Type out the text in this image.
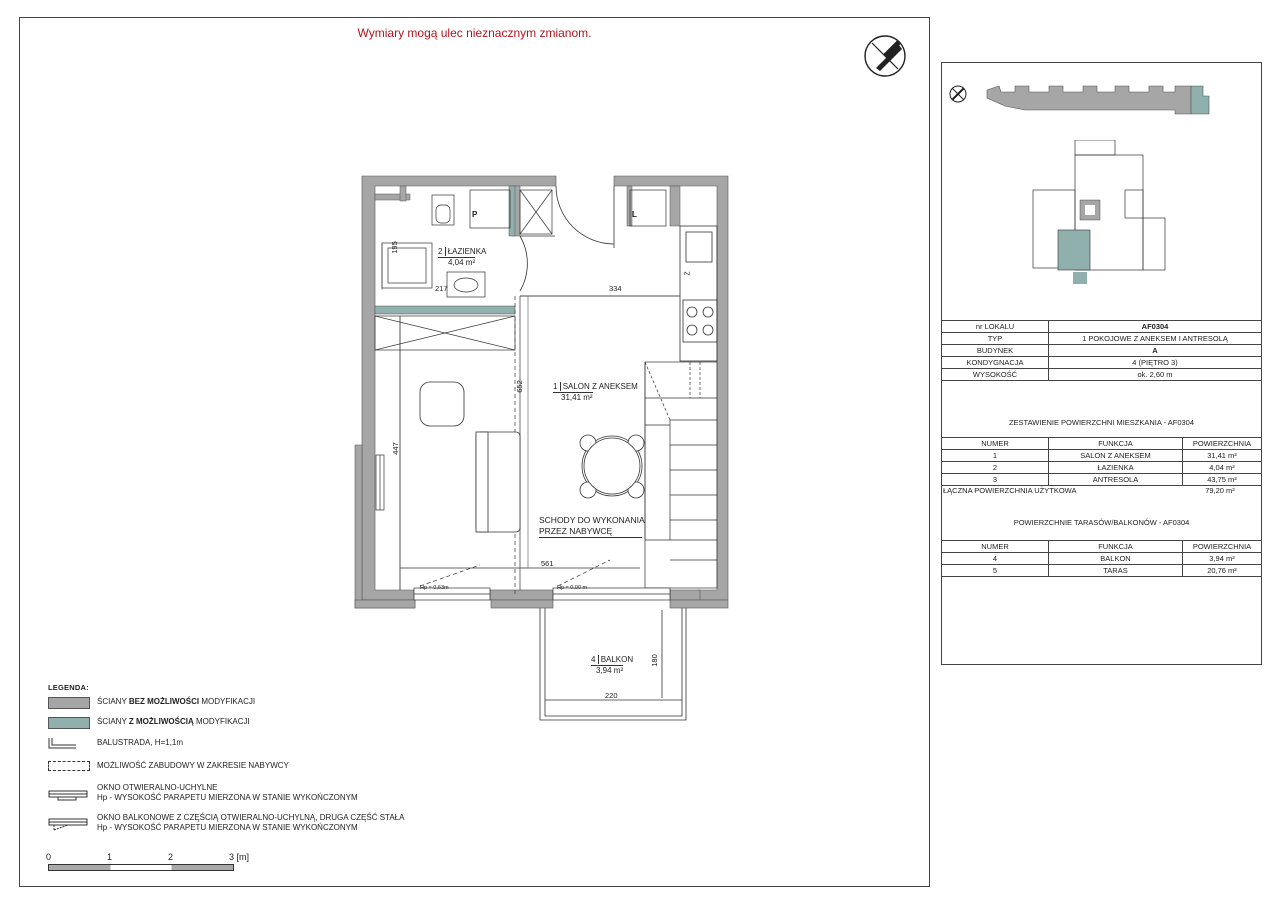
Wymiary mogą ulec nieznacznym zmianom.
2 ŁAZIENKA
4,04 m²
1 SALON Z ANEKSEM
31,41 m²
4 BALKON
3,94 m²
SCHODY DO WYKONANIA
PRZEZ NABYWCĘ
334
652
447
561
217
195
180
220
Hp = 0,63m	Hp = 0,00 m
P	L
Z
LEGENDA:
ŚCIANY BEZ MOŻLIWOŚCI MODYFIKACJI
ŚCIANY Z MOŻLIWOŚCIĄ MODYFIKACJI
BALUSTRADA, H=1,1m
MOŻLIWOŚĆ ZABUDOWY W ZAKRESIE NABYWCY
OKNO OTWIERALNO-UCHYLNE
Hp - WYSOKOŚĆ PARAPETU MIERZONA W STANIE WYKOŃCZONYM
OKNO BALKONOWE Z CZĘŚCIĄ OTWIERALNO-UCHYLNĄ, DRUGA CZĘŚĆ STAŁA
Hp - WYSOKOŚĆ PARAPETU MIERZONA W STANIE WYKOŃCZONYM
0	1	2	3 [m]
nr LOKALU	AF0304
TYP	1 POKOJOWE Z ANEKSEM I ANTRESOLĄ
BUDYNEK	A
KONDYGNACJA	4 (PIĘTRO 3)
WYSOKOŚĆ	ok. 2,60 m
ZESTAWIENIE POWIERZCHNI MIESZKANIA - AF0304
NUMER	FUNKCJA	POWIERZCHNIA
1	SALON Z ANEKSEM	31,41 m²
2	ŁAZIENKA	4,04 m²
3	ANTRESOLA	43,75 m²
ŁĄCZNA POWIERZCHNIA UŻYTKOWA	79,20 m²
POWIERZCHNIE TARASÓW/BALKONÓW - AF0304
NUMER	FUNKCJA	POWIERZCHNIA
4	BALKON	3,94 m²
5	TARAS	20,76 m²
